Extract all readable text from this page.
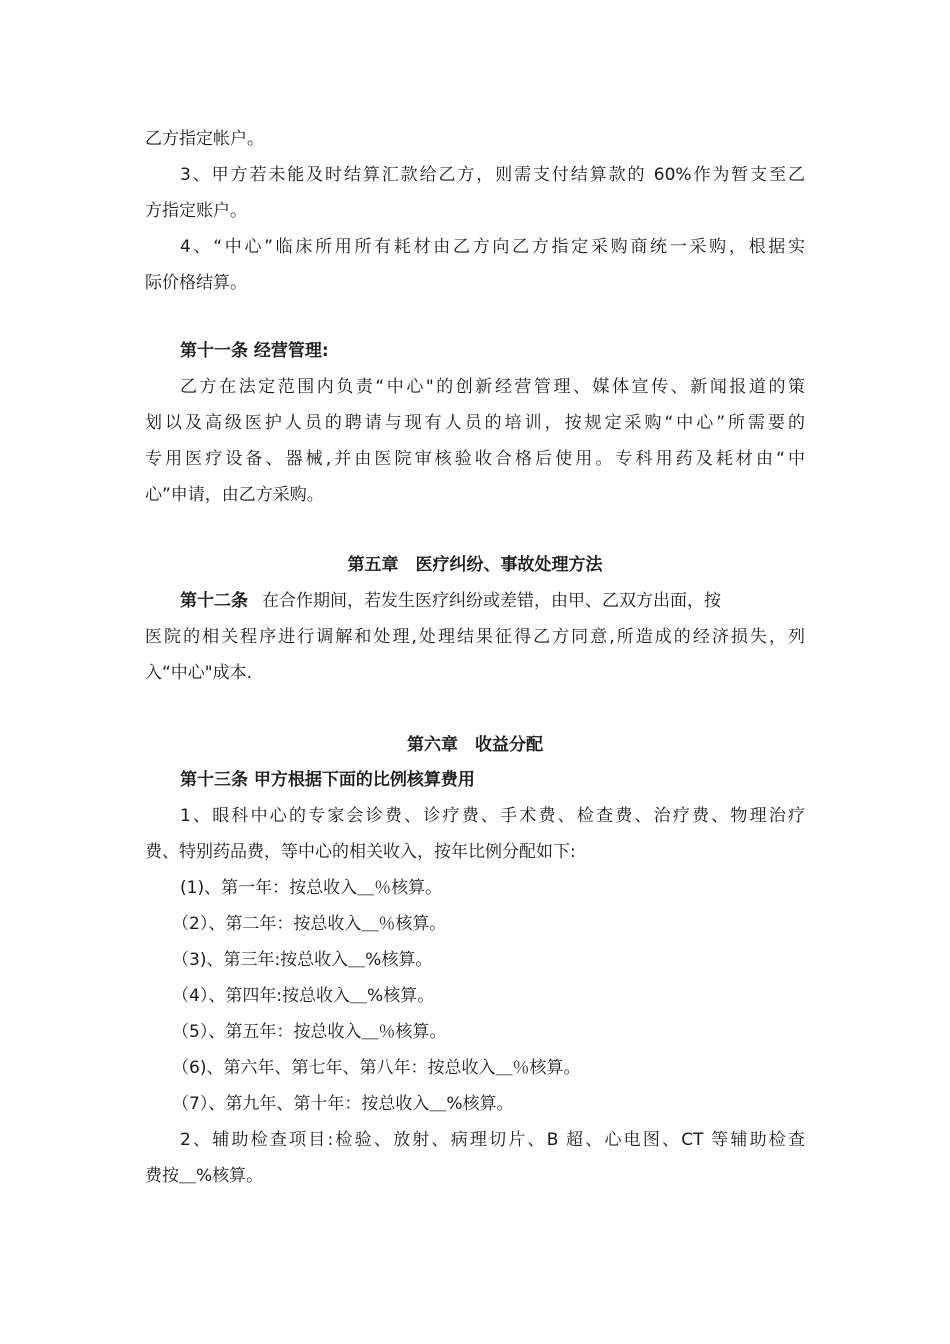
乙方指定帐户。
3、甲方若未能及时结算汇款给乙方，则需支付结算款的 60%作为暂支至乙
方指定账户。
4、“中心”临床所用所有耗材由乙方向乙方指定采购商统一采购，根据实
际价格结算。
第十一条 经营管理:
乙方在法定范围内负责“中心"的创新经营管理、媒体宣传、新闻报道的策
划以及高级医护人员的聘请与现有人员的培训，按规定采购“中心”所需要的
专用医疗设备、器械,并由医院审核验收合格后使用。专科用药及耗材由“中
心”申请，由乙方采购。
第五章　医疗纠纷、事故处理方法
第十二条 在合作期间，若发生医疗纠纷或差错，由甲、乙双方出面，按
医院的相关程序进行调解和处理,处理结果征得乙方同意,所造成的经济损失，列
入“中心"成本.
第六章　收益分配
第十三条 甲方根据下面的比例核算费用
1、眼科中心的专家会诊费、诊疗费、手术费、检查费、治疗费、物理治疗
费、特别药品费，等中心的相关收入，按年比例分配如下:
(1)、第一年：按总收入＿％核算。
（2）、第二年：按总收入＿％核算。
（3)、第三年:按总收入＿%核算。
（4）、第四年:按总收入＿%核算。
（5）、第五年：按总收入＿％核算。
（6)、第六年、第七年、第八年：按总收入＿％核算。
（7）、第九年、第十年：按总收入＿%核算。
2、辅助检查项目:检验、放射、病理切片、B 超、心电图、CT 等辅助检查
费按＿%核算。
